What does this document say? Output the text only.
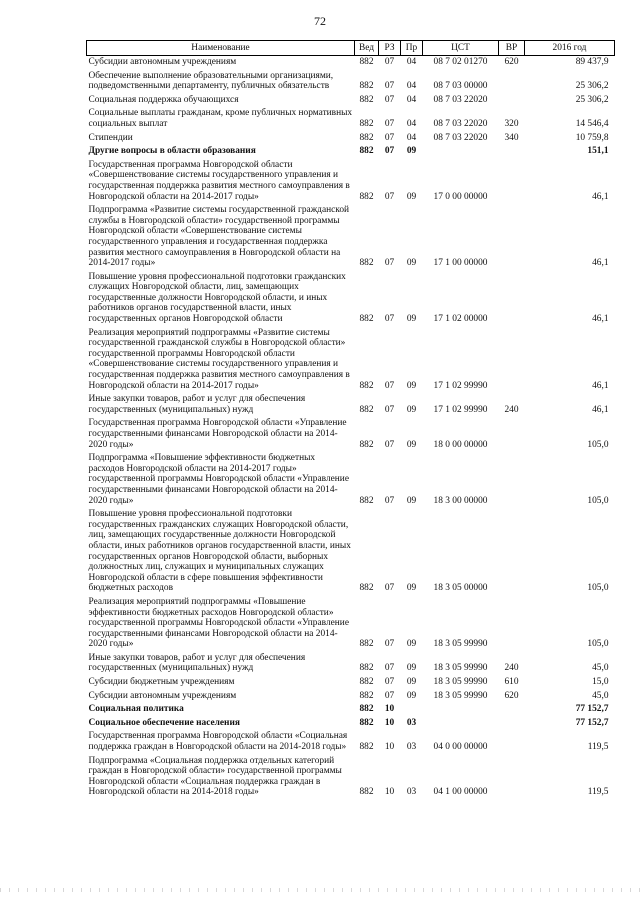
72
Наименование	Вед	РЗ	Пр	ЦСТ	ВР	2016 год
Субсидии автономным учреждениям	882	07	04	08 7 02 01270	620	89 437,9
Обеспечение выполнение образовательными организациями, подведомственными департаменту, публичных обязательств	882	07	04	08 7 03 00000		25 306,2
Социальная поддержка обучающихся	882	07	04	08 7 03 22020		25 306,2
Социальные выплаты гражданам, кроме публичных нормативных социальных выплат	882	07	04	08 7 03 22020	320	14 546,4
Стипендии	882	07	04	08 7 03 22020	340	10 759,8
Другие вопросы в области образования	882	07	09			151,1
Государственная программа Новгородской области «Совершенствование системы государственного управления и государственная поддержка развития местного самоуправления в Новгородской области на 2014-2017 годы»	882	07	09	17 0 00 00000		46,1
Подпрограмма «Развитие системы государственной гражданской службы в Новгородской области» государственной программы Новгородской области «Совершенствование системы государственного управления и государственная поддержка развития местного самоуправления в Новгородской области на 2014-2017 годы»	882	07	09	17 1 00 00000		46,1
Повышение уровня профессиональной подготовки гражданских служащих Новгородской области, лиц, замещающих государственные должности Новгородской области, и иных работников органов государственной власти, иных государственных органов Новгородской области	882	07	09	17 1 02 00000		46,1
Реализация мероприятий подпрограммы «Развитие системы государственной гражданской службы в Новгородской области» государственной программы Новгородской области «Совершенствование системы государственного управления и государственная поддержка развития местного самоуправления в Новгородской области на 2014-2017 годы»	882	07	09	17 1 02 99990		46,1
Иные закупки товаров, работ и услуг для обеспечения государственных (муниципальных) нужд	882	07	09	17 1 02 99990	240	46,1
Государственная программа Новгородской области «Управление государственными финансами Новгородской области на 2014-2020 годы»	882	07	09	18 0 00 00000		105,0
Подпрограмма «Повышение эффективности бюджетных расходов Новгородской области на 2014-2017 годы» государственной программы Новгородской области «Управление государственными финансами Новгородской области на 2014-2020 годы»	882	07	09	18 3 00 00000		105,0
Повышение уровня профессиональной подготовки государственных гражданских служащих Новгородской области, лиц, замещающих государственные должности Новгородской области, иных работников органов государственной власти, иных государственных органов Новгородской области, выборных должностных лиц, служащих и муниципальных служащих Новгородской области в сфере повышения эффективности бюджетных расходов	882	07	09	18 3 05 00000		105,0
Реализация мероприятий подпрограммы «Повышение эффективности бюджетных расходов Новгородской области» государственной программы Новгородской области «Управление государственными финансами Новгородской области на 2014-2020 годы»	882	07	09	18 3 05 99990		105,0
Иные закупки товаров, работ и услуг для обеспечения государственных (муниципальных) нужд	882	07	09	18 3 05 99990	240	45,0
Субсидии бюджетным учреждениям	882	07	09	18 3 05 99990	610	15,0
Субсидии автономным учреждениям	882	07	09	18 3 05 99990	620	45,0
Социальная политика	882	10				77 152,7
Социальное обеспечение населения	882	10	03			77 152,7
Государственная программа Новгородской области «Социальная поддержка граждан в Новгородской области на 2014-2018 годы»	882	10	03	04 0 00 00000		119,5
Подпрограмма «Социальная поддержка отдельных категорий граждан в Новгородской области» государственной программы Новгородской области «Социальная поддержка граждан в Новгородской области на 2014-2018 годы»	882	10	03	04 1 00 00000		119,5
